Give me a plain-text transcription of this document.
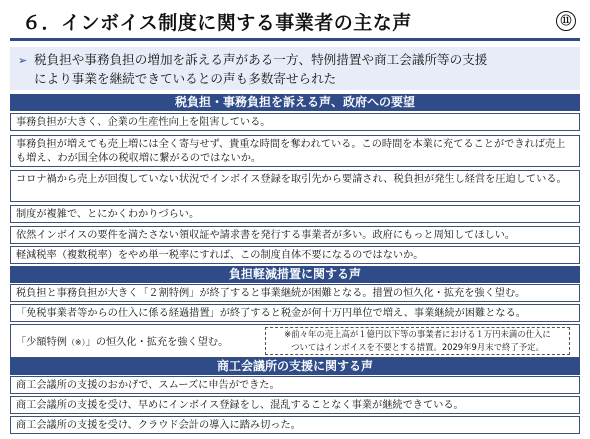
６．インボイス制度に関する事業者の主な声	⑪
➢ 税負担や事務負担の増加を訴える声がある一方、特例措置や商工会議所等の支援
により事業を継続できているとの声も多数寄せられた
税負担・事務負担を訴える声、政府への要望
事務負担が大きく、企業の生産性向上を阻害している。
事務負担が増えても売上増には全く寄与せず、貴重な時間を奪われている。この時間を本業に充てることができれば売上も増え、わが国全体の税収増に繋がるのではないか。
コロナ禍から売上が回復していない状況でインボイス登録を取引先から要請され、税負担が発生し経営を圧迫している。
制度が複雑で、とにかくわかりづらい。
依然インボイスの要件を満たさない領収証や請求書を発行する事業者が多い。政府にもっと周知してほしい。
軽減税率（複数税率）をやめ単一税率にすれば、この制度自体不要になるのではないか。
負担軽減措置に関する声
税負担と事務負担が大きく「２割特例」が終了すると事業継続が困難となる。措置の恒久化・拡充を強く望む。
「免税事業者等からの仕入に係る経過措置」が終了すると税金が何十万円単位で増え、事業継続が困難となる。
「少額特例（※）」の恒久化・拡充を強く望む。
※前々年の売上高が１億円以下等の事業者における１万円未満の仕入に
ついてはインボイスを不要とする措置。2029年9月末で終了予定。
商工会議所の支援に関する声
商工会議所の支援のおかげで、スムーズに申告ができた。
商工会議所の支援を受け、早めにインボイス登録をし、混乱することなく事業が継続できている。
商工会議所の支援を受け、クラウド会計の導入に踏み切った。
